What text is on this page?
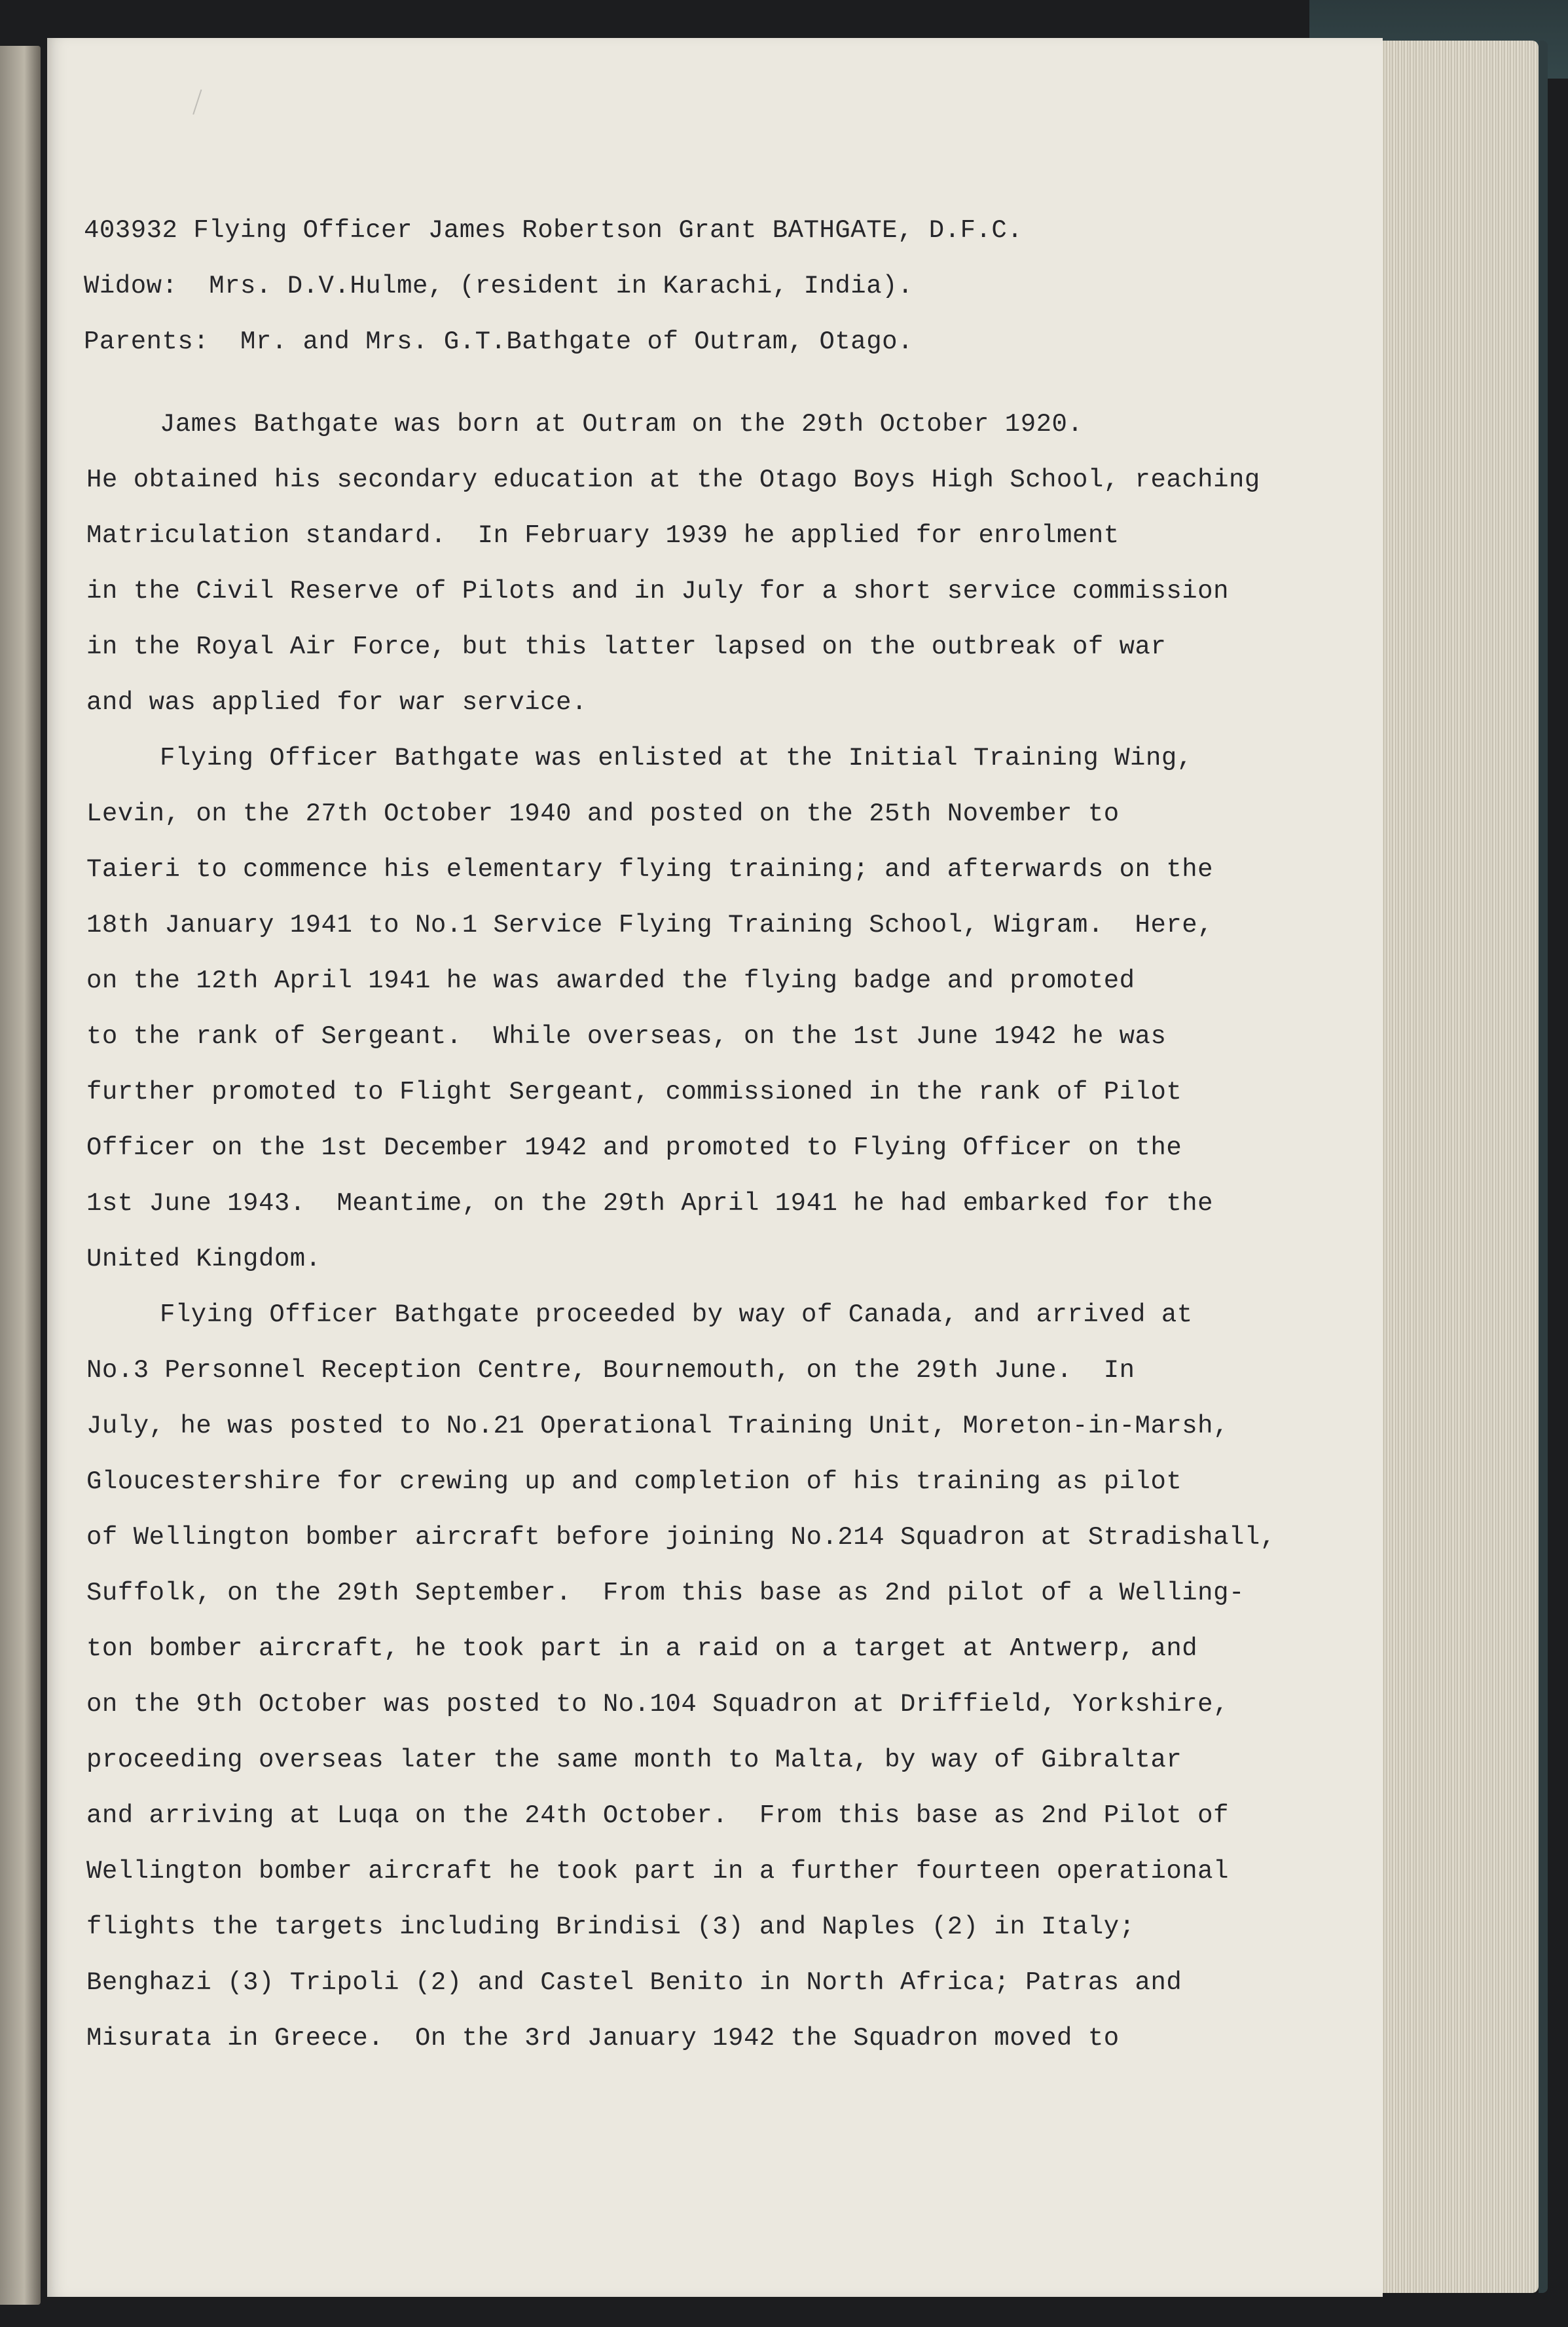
403932 Flying Officer James Robertson Grant BATHGATE, D.F.C.
Widow:  Mrs. D.V.Hulme, (resident in Karachi, India).
Parents:  Mr. and Mrs. G.T.Bathgate of Outram, Otago.
James Bathgate was born at Outram on the 29th October 1920.
He obtained his secondary education at the Otago Boys High School, reaching
Matriculation standard.  In February 1939 he applied for enrolment
in the Civil Reserve of Pilots and in July for a short service commission
in the Royal Air Force, but this latter lapsed on the outbreak of war
and was applied for war service.
Flying Officer Bathgate was enlisted at the Initial Training Wing,
Levin, on the 27th October 1940 and posted on the 25th November to
Taieri to commence his elementary flying training; and afterwards on the
18th January 1941 to No.1 Service Flying Training School, Wigram.  Here,
on the 12th April 1941 he was awarded the flying badge and promoted
to the rank of Sergeant.  While overseas, on the 1st June 1942 he was
further promoted to Flight Sergeant, commissioned in the rank of Pilot
Officer on the 1st December 1942 and promoted to Flying Officer on the
1st June 1943.  Meantime, on the 29th April 1941 he had embarked for the
United Kingdom.
Flying Officer Bathgate proceeded by way of Canada, and arrived at
No.3 Personnel Reception Centre, Bournemouth, on the 29th June.  In
July, he was posted to No.21 Operational Training Unit, Moreton-in-Marsh,
Gloucestershire for crewing up and completion of his training as pilot
of Wellington bomber aircraft before joining No.214 Squadron at Stradishall,
Suffolk, on the 29th September.  From this base as 2nd pilot of a Welling-
ton bomber aircraft, he took part in a raid on a target at Antwerp, and
on the 9th October was posted to No.104 Squadron at Driffield, Yorkshire,
proceeding overseas later the same month to Malta, by way of Gibraltar
and arriving at Luqa on the 24th October.  From this base as 2nd Pilot of
Wellington bomber aircraft he took part in a further fourteen operational
flights the targets including Brindisi (3) and Naples (2) in Italy;
Benghazi (3) Tripoli (2) and Castel Benito in North Africa; Patras and
Misurata in Greece.  On the 3rd January 1942 the Squadron moved to
